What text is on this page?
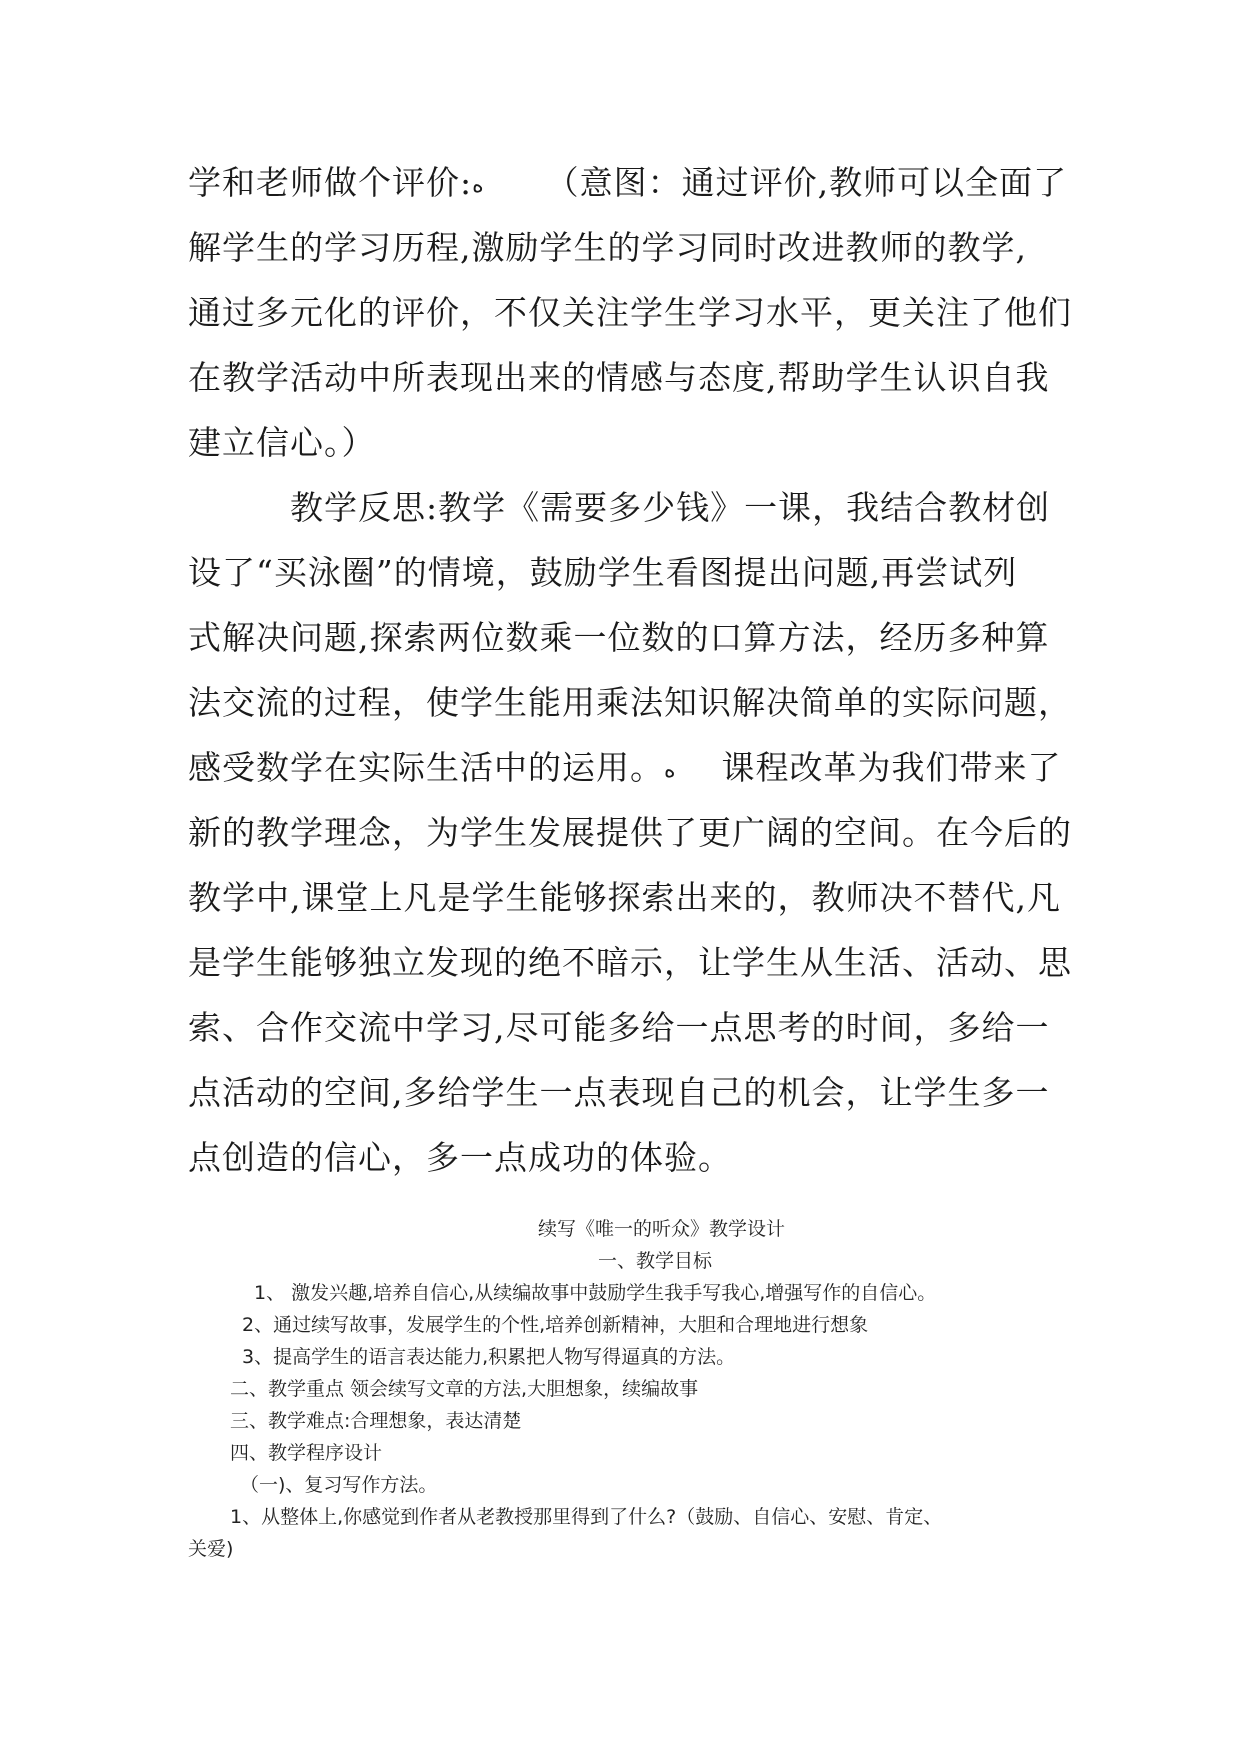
学和老师做个评价:ه （意图：通过评价,教师可以全面了
解学生的学习历程,激励学生的学习同时改进教师的教学,
通过多元化的评价，不仅关注学生学习水平，更关注了他们
在教学活动中所表现出来的情感与态度,帮助学生认识自我
建立信心。）
教学反思:教学《需要多少钱》一课，我结合教材创
设了“买泳圈”的情境，鼓励学生看图提出问题,再尝试列
式解决问题,探索两位数乘一位数的口算方法，经历多种算
法交流的过程，使学生能用乘法知识解决简单的实际问题，
感受数学在实际生活中的运用。ه 课程改革为我们带来了
新的教学理念，为学生发展提供了更广阔的空间。在今后的
教学中,课堂上凡是学生能够探索出来的，教师决不替代,凡
是学生能够独立发现的绝不暗示，让学生从生活、活动、思
索、合作交流中学习,尽可能多给一点思考的时间，多给一
点活动的空间,多给学生一点表现自己的机会，让学生多一
点创造的信心，多一点成功的体验。
续写《唯一的听众》教学设计
一、教学目标
1、 激发兴趣,培养自信心,从续编故事中鼓励学生我手写我心,增强写作的自信心。
2、通过续写故事，发展学生的个性,培养创新精神，大胆和合理地进行想象
3、提高学生的语言表达能力,积累把人物写得逼真的方法。
二、教学重点 领会续写文章的方法,大胆想象，续编故事
三、教学难点:合理想象，表达清楚
四、教学程序设计
（一)、复习写作方法。
1、从整体上,你感觉到作者从老教授那里得到了什么?（鼓励、自信心、安慰、肯定、
关爱)
